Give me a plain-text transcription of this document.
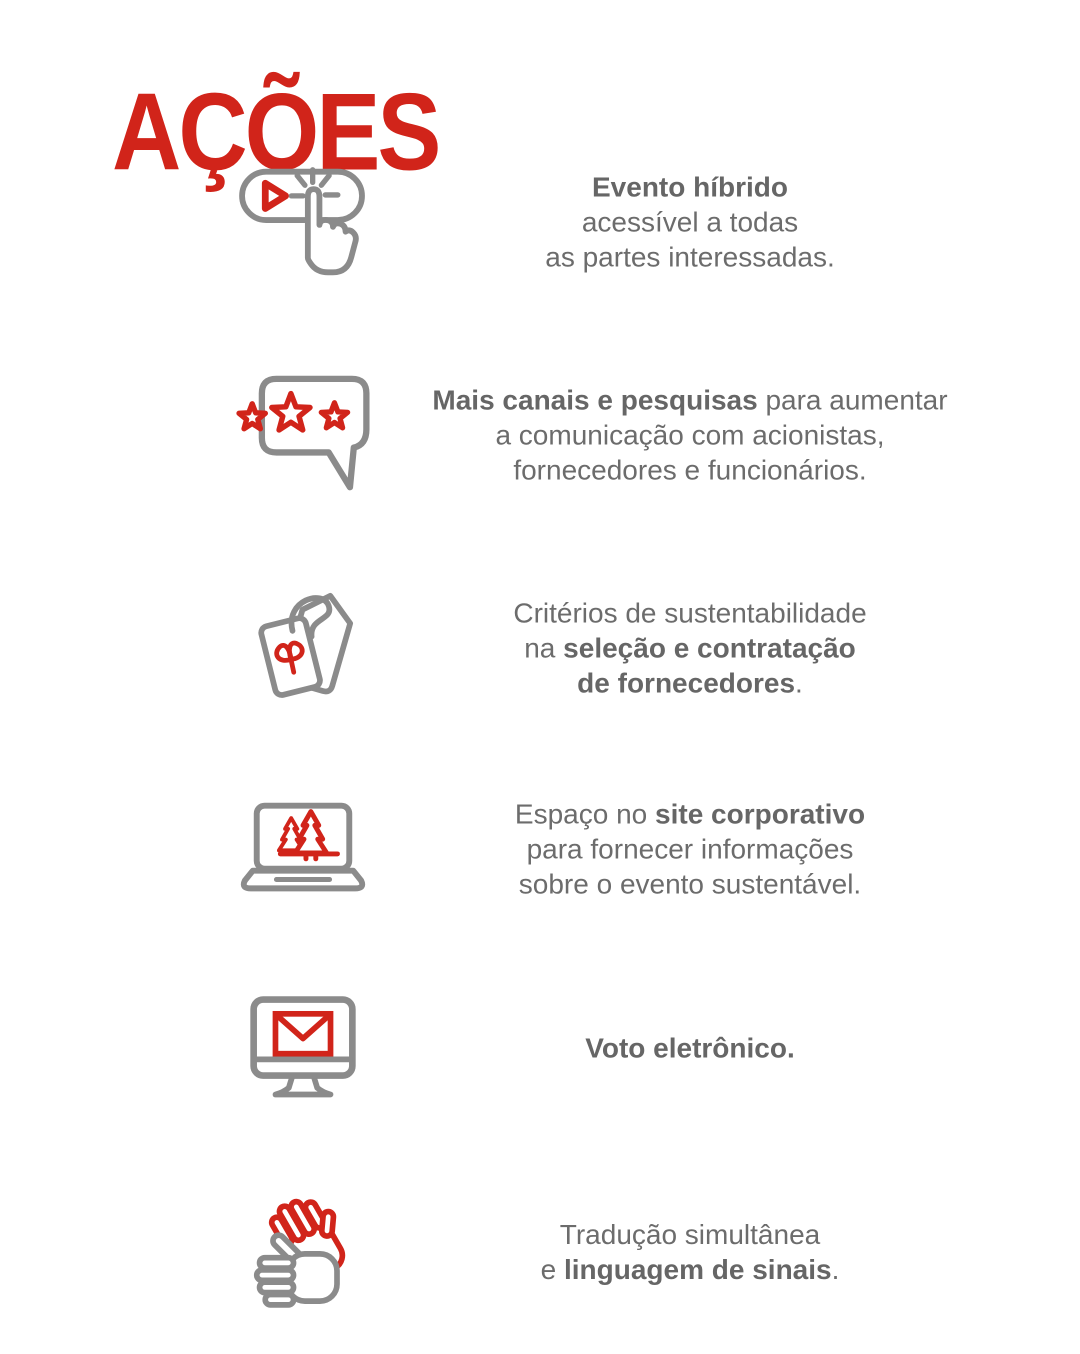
AÇÕES	Evento híbrido
acessível a todas
as partes interessadas.
Mais canais e pesquisas para aumentar
a comunicação com acionistas,
fornecedores e funcionários.
Critérios de sustentabilidade
na seleção e contratação
de fornecedores.
Espaço no site corporativo
para fornecer informações
sobre o evento sustentável.
Voto eletrônico.
Tradução simultânea
e linguagem de sinais.
